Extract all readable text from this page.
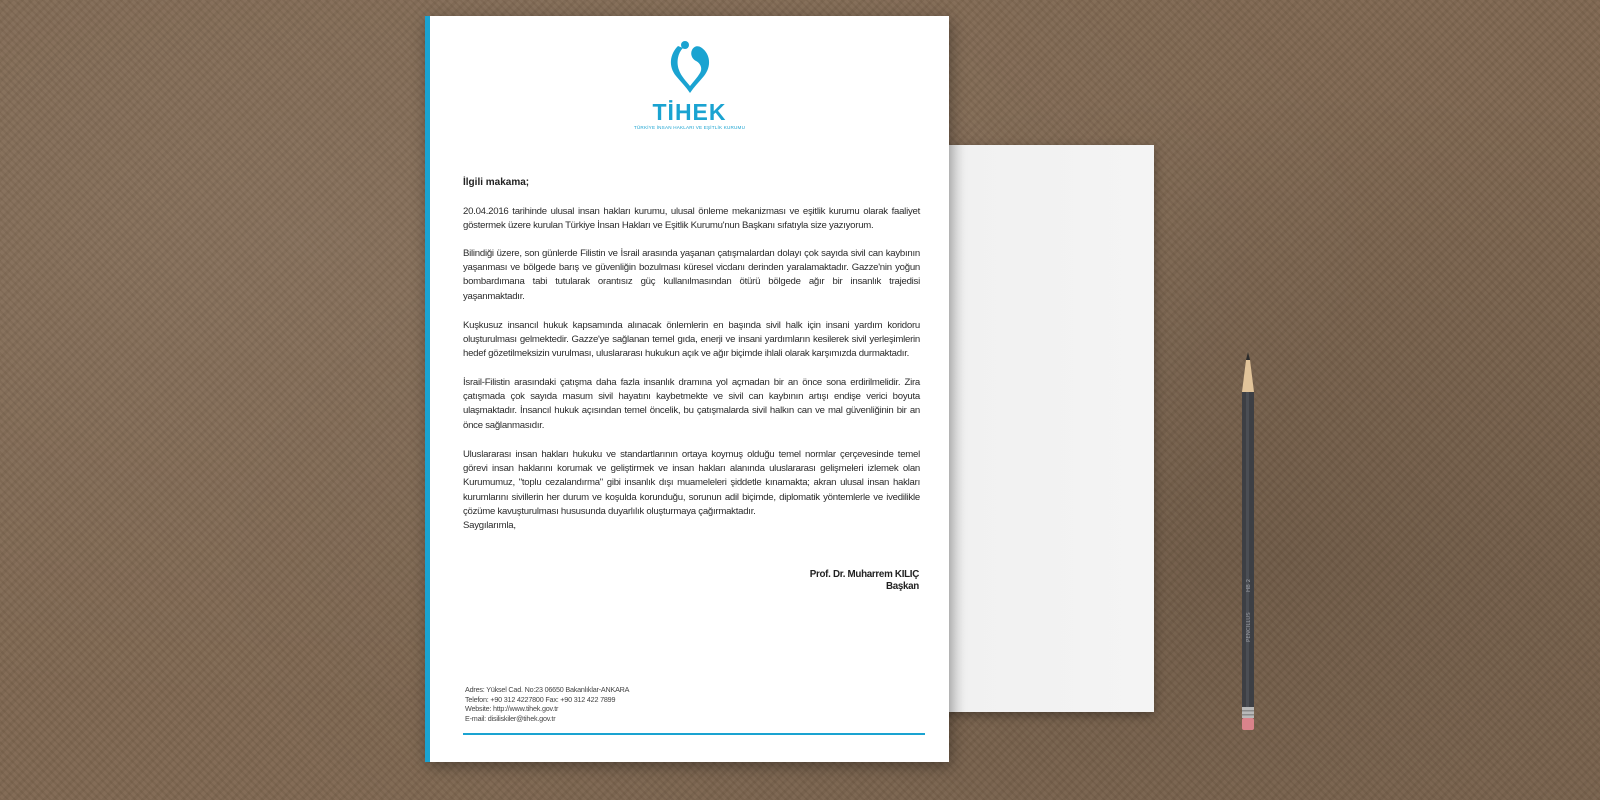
TİHEK
TÜRKİYE İNSAN HAKLARI VE EŞİTLİK KURUMU
İlgili makama;

20.04.2016 tarihinde ulusal insan hakları kurumu, ulusal önleme mekanizması ve eşitlik kurumu olarak faaliyet göstermek üzere kurulan Türkiye İnsan Hakları ve Eşitlik Kurumu'nun Başkanı sıfatıyla size yazıyorum.

Bilindiği üzere, son günlerde Filistin ve İsrail arasında yaşanan çatışmalardan dolayı çok sayıda sivil can kaybının yaşanması ve bölgede barış ve güvenliğin bozulması küresel vicdanı derinden yaralamaktadır. Gazze'nin yoğun bombardımana tabi tutularak orantısız güç kullanılmasından ötürü bölgede ağır bir insanlık trajedisi yaşanmaktadır.

Kuşkusuz insancıl hukuk kapsamında alınacak önlemlerin en başında sivil halk için insani yardım koridoru oluşturulması gelmektedir. Gazze'ye sağlanan temel gıda, enerji ve insani yardımların kesilerek sivil yerleşimlerin hedef gözetilmeksizin vurulması, uluslararası hukukun açık ve ağır biçimde ihlali olarak karşımızda durmaktadır.

İsrail-Filistin arasındaki çatışma daha fazla insanlık dramına yol açmadan bir an önce sona erdirilmelidir. Zira çatışmada çok sayıda masum sivil hayatını kaybetmekte ve sivil can kaybının artışı endişe verici boyuta ulaşmaktadır. İnsancıl hukuk açısından temel öncelik, bu çatışmalarda sivil halkın can ve mal güvenliğinin bir an önce sağlanmasıdır.

Uluslararası insan hakları hukuku ve standartlarının ortaya koymuş olduğu temel normlar çerçevesinde temel görevi insan haklarını korumak ve geliştirmek ve insan hakları alanında uluslararası gelişmeleri izlemek olan Kurumumuz, "toplu cezalandırma" gibi insanlık dışı muameleleri şiddetle kınamakta; akran ulusal insan hakları kurumlarını sivillerin her durum ve koşulda korunduğu, sorunun adil biçimde, diplomatik yöntemlerle ve ivedilikle çözüme kavuşturulması hususunda duyarlılık oluşturmaya çağırmaktadır.

Saygılarımla,
Prof. Dr. Muharrem KILIÇ
Başkan
Adres: Yüksel Cad. No:23 06650 Bakanlıklar-ANKARA
Telefon: +90 312 4227800 Fax: +90 312 422 7899
Website: http://www.tihek.gov.tr
E-mail: disiliskiler@tihek.gov.tr
PENCILLUS
HB 2
